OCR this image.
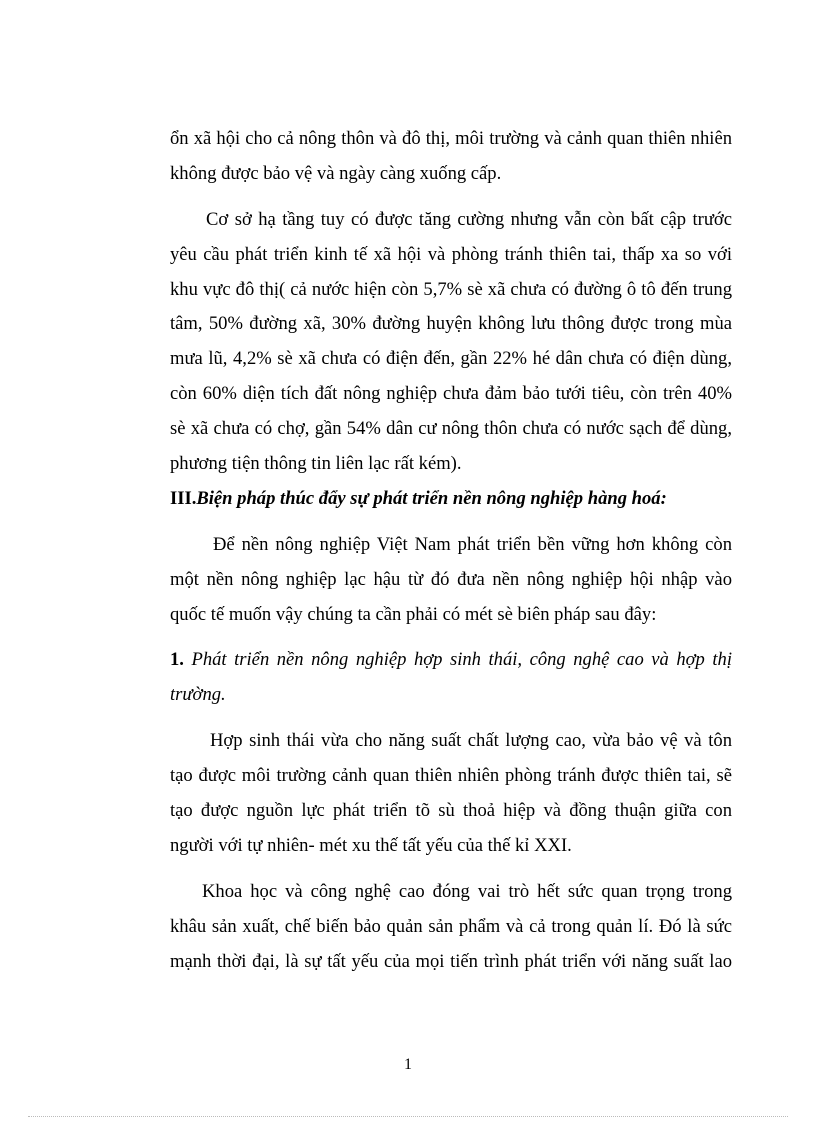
ổn xã hội cho cả nông thôn và đô thị, môi trường và cảnh quan thiên nhiên
không được bảo vệ và ngày càng xuống cấp.
Cơ sở hạ tầng tuy có được tăng cường nhưng vẫn còn bất cập trước
yêu cầu phát triển kinh tế xã hội và phòng tránh thiên tai, thấp xa so với
khu vực đô thị( cả nước hiện còn 5,7% sè xã chưa có đường ô tô đến trung
tâm, 50% đường xã, 30% đường huyện không lưu thông được trong mùa
mưa lũ, 4,2% sè xã chưa có điện đến, gần 22% hé dân chưa có điện dùng,
còn 60% diện tích đất nông nghiệp chưa đảm bảo tưới tiêu, còn trên 40%
sè xã chưa có chợ, gần 54% dân cư nông thôn chưa có nước sạch để dùng,
phương tiện thông tin liên lạc rất kém).
III.Biện pháp thúc đẩy sự phát triển nền nông nghiệp hàng hoá:
Để nền nông nghiệp Việt Nam phát triển bền vững hơn không còn
một nền nông nghiệp lạc hậu từ đó đưa nền nông nghiệp hội nhập vào
quốc tế muốn vậy chúng ta cần phải có mét sè biên pháp sau đây:
1. Phát triển nền nông nghiệp hợp sinh thái, công nghệ cao và hợp thị
trường.
Hợp sinh thái vừa cho năng suất chất lượng cao, vừa bảo vệ và tôn
tạo được môi trường cảnh quan thiên nhiên phòng tránh được thiên tai, sẽ
tạo được nguồn lực phát triển tõ sù thoả hiệp và đồng thuận giữa con
người với tự nhiên- mét xu thế tất yếu của thế kỉ XXI.
Khoa học và công nghệ cao đóng vai trò hết sức quan trọng trong
khâu sản xuất, chế biến bảo quản sản phẩm và cả trong quản lí. Đó là sức
mạnh thời đại, là sự tất yếu của mọi tiến trình phát triển với năng suất lao
1
